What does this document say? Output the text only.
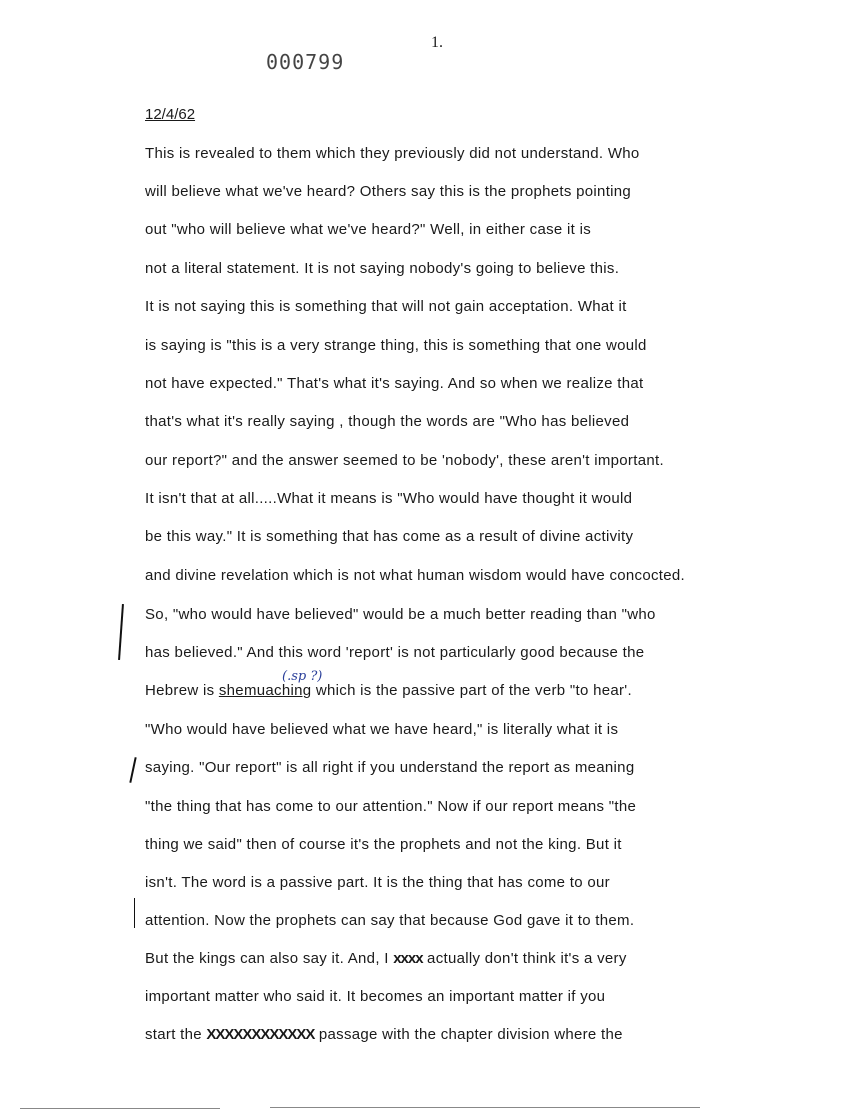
000799
1.
12/4/62
This is revealed to them which they previously did not understand. Who
will believe what we've heard? Others say this is the prophets pointing
out "who will believe what we've heard?" Well, in either case it is
not a literal statement. It is not saying nobody's going to believe this.
It is not saying this is something that will not gain acceptation. What it
is saying is "this is a very strange thing, this is something that one would
not have expected." That's what it's saying. And so when we realize that
that's what it's really saying , though the words are "Who has believed
our report?" and the answer seemed to be 'nobody', these aren't important.
It isn't that at all.....What it means is "Who would have thought it would
be this way." It is something that has come as a result of divine activity
and divine revelation which is not what human wisdom would have concocted.
So, "who would have believed" would be a much better reading than "who
has believed." And this word 'report' is not particularly good because the
(.sp ?)
Hebrew is shemuaching which is the passive part of the verb "to hear'.
"Who would have believed what we have heard," is literally what it is
saying. "Our report" is all right if you understand the report as meaning
"the thing that has come to our attention." Now if our report means "the
thing we said" then of course it's the prophets and not the king. But it
isn't. The word is a passive part. It is the thing that has come to our
attention. Now the prophets can say that because God gave it to them.
But the kings can also say it. And, I xxxx actually don't think it's a very
important matter who said it. It becomes an important matter if you
start the XXXXXXXXXXXX passage with the chapter division where the
